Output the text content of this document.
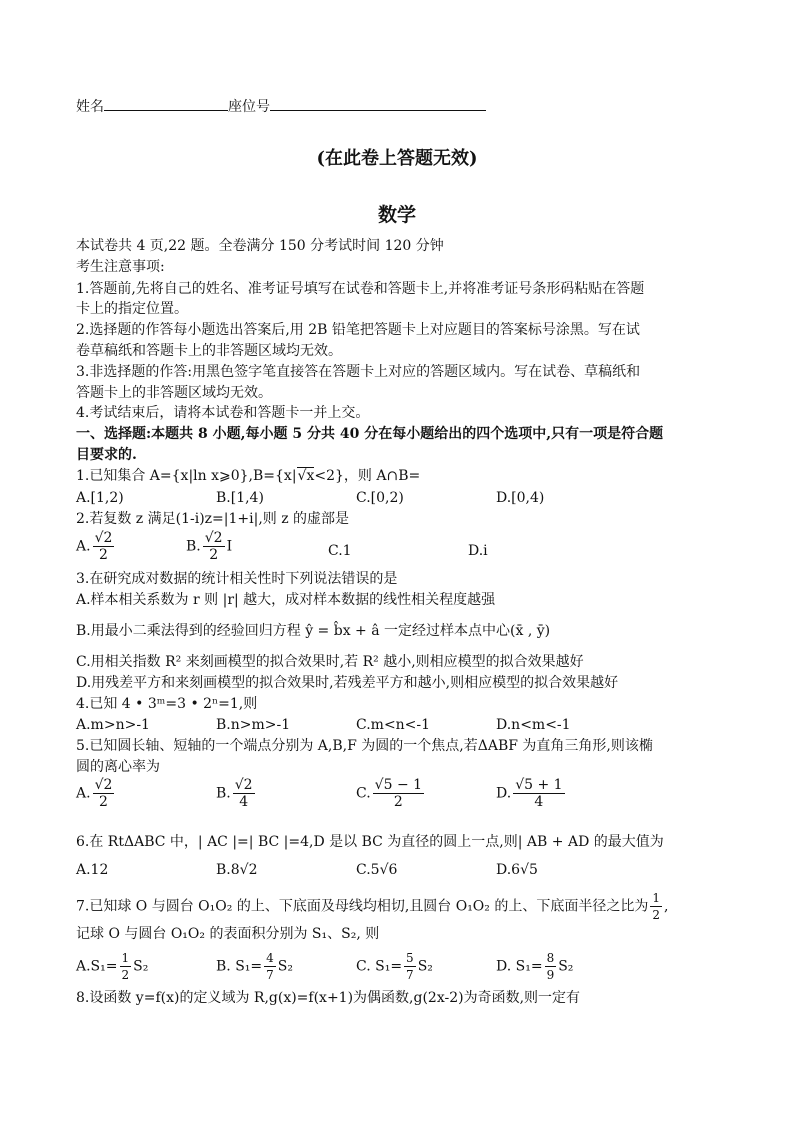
姓名	座位号
(在此卷上答题无效)
数学
本试卷共 4 页,22 题。全卷满分 150 分考试时间 120 分钟
考生注意事项:
1.答题前,先将自己的姓名、准考证号填写在试卷和答题卡上,并将准考证号条形码粘贴在答题
卡上的指定位置。
2.选择题的作答每小题选出答案后,用 2B 铅笔把答题卡上对应题目的答案标号涂黑。写在试
卷草稿纸和答题卡上的非答题区域均无效。
3.非选择题的作答:用黑色签字笔直接答在答题卡上对应的答题区域内。写在试卷、草稿纸和
答题卡上的非答题区域均无效。
4.考试结束后，请将本试卷和答题卡一并上交。
一、选择题:本题共 8 小题,每小题 5 分共 40 分在每小题给出的四个选项中,只有一项是符合题
目要求的.
1.已知集合 A={x|ln x⩾0},B={x|√x<2}，则 A∩B=
A.[1,2)	B.[1,4)	C.[0,2)	D.[0,4)
2.若复数 z 满足(1-i)z=|1+i|,则 z 的虚部是
A. $\frac{√2}{2}$	B. $\frac{√2}{2}$ I	C.1	D.i
3.在研究成对数据的统计相关性时下列说法错误的是
A.样本相关系数为 r 则 |r| 越大，成对样本数据的线性相关程度越强
B.用最小二乘法得到的经验回归方程 ŷ = b̂x + â 一定经过样本点中心(x̄ , ȳ)
C.用相关指数 R² 来刻画模型的拟合效果时,若 R² 越小,则相应模型的拟合效果越好
D.用残差平方和来刻画模型的拟合效果时,若残差平方和越小,则相应模型的拟合效果越好
4.已知 4 • 3ᵐ=3 • 2ⁿ=1,则
A.m>n>-1	B.n>m>-1	C.m<n<-1	D.n<m<-1
5.已知圆长轴、短轴的一个端点分别为 A,B,F 为圆的一个焦点,若ΔABF 为直角三角形,则该椭
圆的离心率为
A. $\frac{√2}{2}$	B. $\frac{√2}{4}$	C. $\frac{√5 - 1}{2}$	D. $\frac{√5 + 1}{4}$
6.在 RtΔABC 中，| AC |=| BC |=4,D 是以 BC 为直径的圆上一点,则| AB + AD 的最大值为
A.12	B.8√2	C.5√6	D.6√5
7.已知球 O 与圆台 O₁O₂ 的上、下底面及母线均相切,且圆台 O₁O₂ 的上、下底面半径之比为 $\frac{1}{2}$ ,
记球 O 与圆台 O₁O₂ 的表面积分别为 S₁、S₂, 则
$A.S_1= \frac{1}{2} S_2$	B. $S_1= \frac{4}{7} S_2$	C. $S_1= \frac{5}{7} S_2$	D. $S_1= \frac{8}{9} S_2$
8.设函数 y=f(x)的定义域为 R,g(x)=f(x+1)为偶函数,g(2x-2)为奇函数,则一定有
